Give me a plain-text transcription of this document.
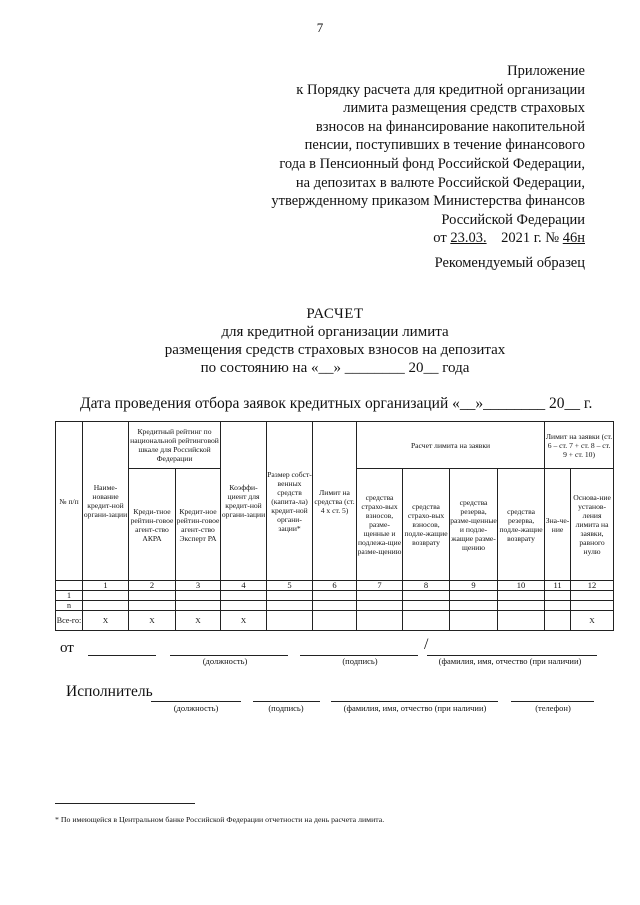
7
Приложение
к Порядку расчета для кредитной организации
лимита размещения средств страховых
взносов на финансирование накопительной
пенсии, поступивших в течение финансового
года в Пенсионный фонд Российской Федерации,
на депозитах в валюте Российской Федерации,
утвержденному приказом Министерства финансов
Российской Федерации
от 23.03. 2021 г. № 46н
Рекомендуемый образец
РАСЧЕТ
для кредитной организации лимита
размещения средств страховых взносов на депозитах
по состоянию на «__» ________ 20__ года
Дата проведения отбора заявок кредитных организаций «__»________ 20__ г.
№ п/п	Наиме-нование кредит-ной органи-зации	Кредитный рейтинг по национальной рейтинговой шкале для Российской Федерации		Коэффи-циент для кредит-ной органи-зации	Размер собст-венных средств (капита-ла) кредит-ной органи-зации*	Лимит на средства (ст. 4 х ст. 5)	Расчет лимита на заявки				Лимит на заявки (ст. 6 – ст. 7 + ст. 8 – ст. 9 + ст. 10)	
		Креди-тное рейтин-говое агент-ство АКРА	Кредит-ное рейтин-говое агент-ство Эксперт РА				средства страхо-вых взносов, разме-щенные и подлежа-щие разме-щению	средства страхо-вых взносов, подле-жащие возврату	средства резерва, разме-щенные и подле-жащие разме-щению	средства резерва, подле-жащие возврату	Зна-че-ние	Основа-ние установ-ления лимита на заявки, равного нулю
	1	2	3	4	5	6	7	8	9	10	11	12
1												
n												
Все-го:	Х	Х	Х	Х								Х
от	/
(должность)	(подпись)	(фамилия, имя, отчество (при наличии)
Исполнитель
(должность)	(подпись)	(фамилия, имя, отчество (при наличии)	(телефон)
* По имеющейся в Центральном банке Российской Федерации отчетности на день расчета лимита.
